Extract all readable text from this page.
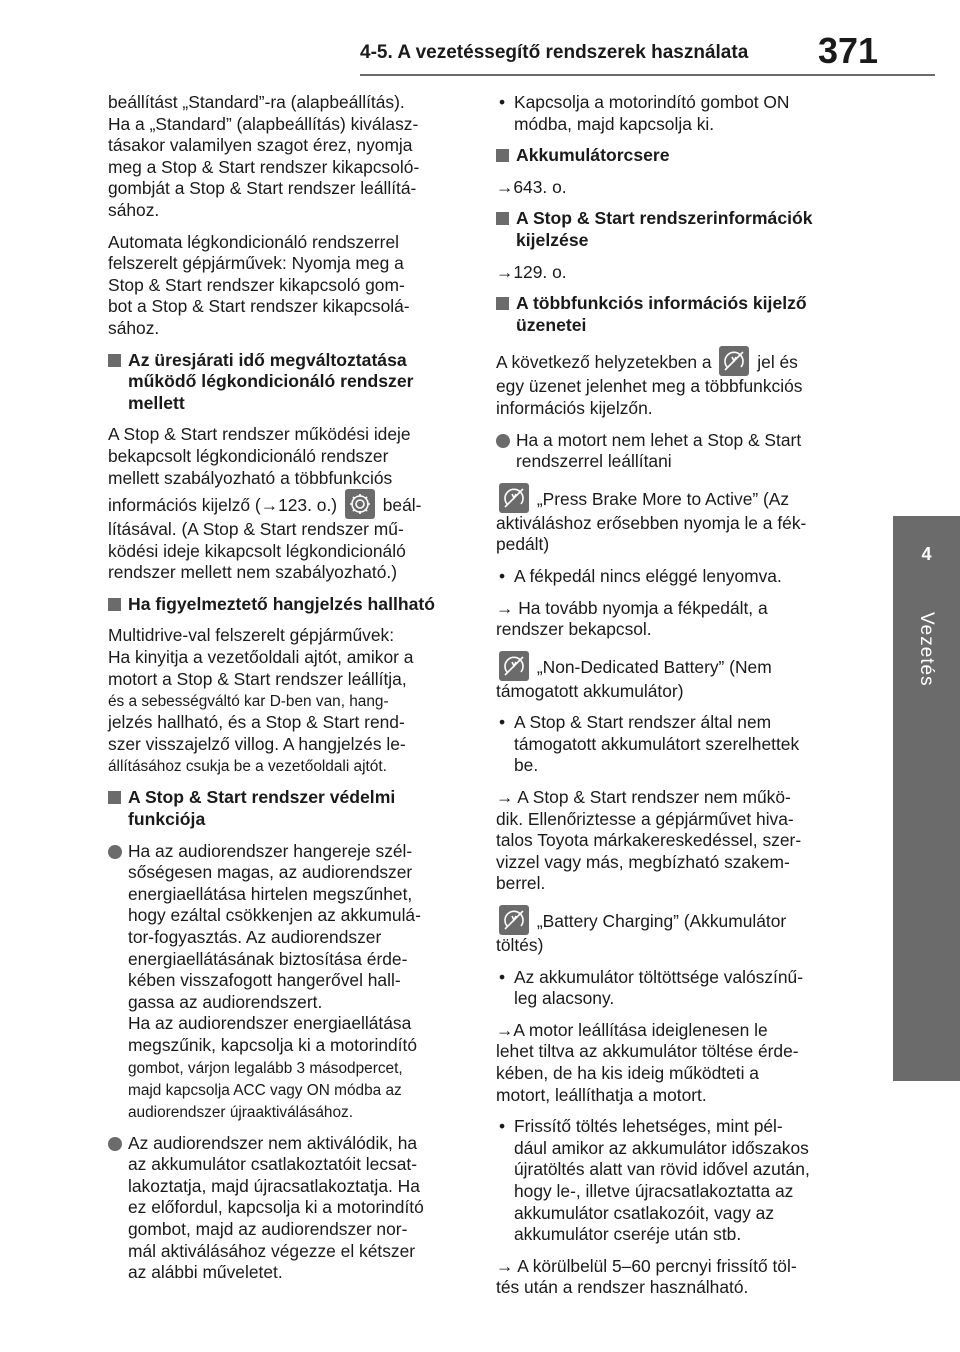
4-5. A vezetéssegítő rendszerek használata	371
4
Vezetés

beállítást „Standard”-ra (alapbeállítás).
Ha a „Standard” (alapbeállítás) kiválasz-
tásakor valamilyen szagot érez, nyomja
meg a Stop & Start rendszer kikapcsoló-
gombját a Stop & Start rendszer leállítá-
sához.

Automata légkondicionáló rendszerrel
felszerelt gépjárművek: Nyomja meg a
Stop & Start rendszer kikapcsoló gom-
bot a Stop & Start rendszer kikapcsolá-
sához.

Az üresjárati idő megváltoztatása
működő légkondicionáló rendszer
mellett

A Stop & Start rendszer működési ideje
bekapcsolt légkondicionáló rendszer
mellett szabályozható a többfunkciós
információs kijelző (→123. o.)	beál-
lításával. (A Stop & Start rendszer mű-
ködési ideje kikapcsolt légkondicionáló
rendszer mellett nem szabályozható.)

Ha figyelmeztető hangjelzés hallható

Multidrive-val felszerelt gépjárművek:
Ha kinyitja a vezetőoldali ajtót, amikor a
motort a Stop & Start rendszer leállítja,
és a sebességváltó kar D-ben van, hang-
jelzés hallható, és a Stop & Start rend-
szer visszajelző villog. A hangjelzés le-
állításához csukja be a vezetőoldali ajtót.

A Stop & Start rendszer védelmi
funkciója
Ha az audiorendszer hangereje szél-
sőségesen magas, az audiorendszer
energiaellátása hirtelen megszűnhet,
hogy ezáltal csökkenjen az akkumulá-
tor-fogyasztás. Az audiorendszer
energiaellátásának biztosítása érde-
kében visszafogott hangerővel hall-
gassa az audiorendszert.
Ha az audiorendszer energiaellátása
megszűnik, kapcsolja ki a motorindító
gombot, várjon legalább 3 másodpercet,
majd kapcsolja ACC vagy ON módba az
audiorendszer újraaktiválásához.
Az audiorendszer nem aktiválódik, ha
az akkumulátor csatlakoztatóit lecsat-
lakoztatja, majd újracsatlakoztatja. Ha
ez előfordul, kapcsolja ki a motorindító
gombot, majd az audiorendszer nor-
mál aktiválásához végezze el kétszer
az alábbi műveletet.
• Kapcsolja a motorindító gombot ON
módba, majd kapcsolja ki.
Akkumulátorcsere

→643. o.

A Stop & Start rendszerinformációk
kijelzése

→129. o.

A többfunkciós információs kijelző
üzenetei

A következő helyzetekben a	jel és
egy üzenet jelenhet meg a többfunkciós
információs kijelzőn.

Ha a motort nem lehet a Stop & Start
rendszerrel leállítani

„Press Brake More to Active” (Az
aktiváláshoz erősebben nyomja le a fék-
pedált)

• A fékpedál nincs eléggé lenyomva.

→ Ha tovább nyomja a fékpedált, a
rendszer bekapcsol.

„Non-Dedicated Battery” (Nem
támogatott akkumulátor)

• A Stop & Start rendszer által nem
támogatott akkumulátort szerelhettek
be.

→ A Stop & Start rendszer nem műkö-
dik. Ellenőriztesse a gépjárművet hiva-
talos Toyota márkakereskedéssel, szer-
vizzel vagy más, megbízható szakem-
berrel.

„Battery Charging” (Akkumulátor
töltés)

• Az akkumulátor töltöttsége valószínű-
leg alacsony.

→A motor leállítása ideiglenesen le
lehet tiltva az akkumulátor töltése érde-
kében, de ha kis ideig működteti a
motort, leállíthatja a motort.

• Frissítő töltés lehetséges, mint pél-
dául amikor az akkumulátor időszakos
újratöltés alatt van rövid idővel azután,
hogy le-, illetve újracsatlakoztatta az
akkumulátor csatlakozóit, vagy az
akkumulátor cseréje után stb.

→ A körülbelül 5–60 percnyi frissítő töl-
tés után a rendszer használható.
